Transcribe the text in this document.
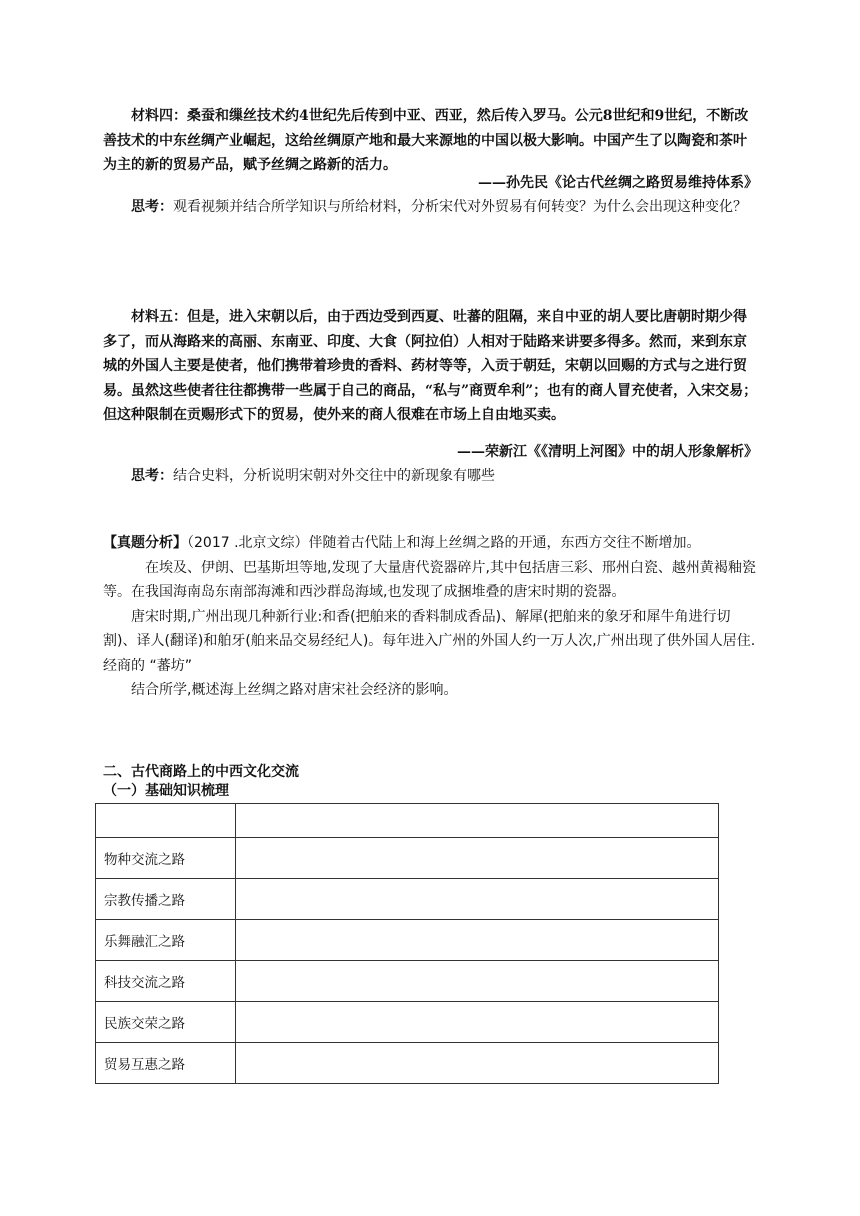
材料四：桑蚕和缫丝技术约4世纪先后传到中亚、西亚，然后传入罗马。公元8世纪和9世纪，不断改善技术的中东丝绸产业崛起，这给丝绸原产地和最大来源地的中国以极大影响。中国产生了以陶瓷和茶叶为主的新的贸易产品，赋予丝绸之路新的活力。
——孙先民《论古代丝绸之路贸易维持体系》
思考：观看视频并结合所学知识与所给材料，分析宋代对外贸易有何转变？为什么会出现这种变化？
材料五：但是，进入宋朝以后，由于西边受到西夏、吐蕃的阻隔，来自中亚的胡人要比唐朝时期少得多了，而从海路来的高丽、东南亚、印度、大食（阿拉伯）人相对于陆路来讲要多得多。然而，来到东京城的外国人主要是使者，他们携带着珍贵的香料、药材等等，入贡于朝廷，宋朝以回赐的方式与之进行贸易。虽然这些使者往往都携带一些属于自己的商品，“私与”商贾牟利”；也有的商人冒充使者，入宋交易；但这种限制在贡赐形式下的贸易，使外来的商人很难在市场上自由地买卖。
——荣新江《《清明上河图》中的胡人形象解析》
思考：结合史料，分析说明宋朝对外交往中的新现象有哪些
【真题分析】（2017 .北京文综）伴随着古代陆上和海上丝绸之路的开通，东西方交往不断增加。
在埃及、伊朗、巴基斯坦等地,发现了大量唐代瓷器碎片,其中包括唐三彩、邢州白瓷、越州黄褐釉瓷等。在我国海南岛东南部海滩和西沙群岛海域,也发现了成捆堆叠的唐宋时期的瓷器。
唐宋时期,广州出现几种新行业:和香(把舶来的香料制成香品)、解犀(把舶来的象牙和犀牛角进行切割)、译人(翻译)和舶牙(舶来品交易经纪人)。每年进入广州的外国人约一万人次,广州出现了供外国人居住.经商的 “蕃坊”
结合所学,概述海上丝绸之路对唐宋社会经济的影响。
二、古代商路上的中西文化交流
（一）基础知识梳理

物种交流之路	
宗教传播之路	
乐舞融汇之路	
科技交流之路	
民族交荣之路	
贸易互惠之路	
